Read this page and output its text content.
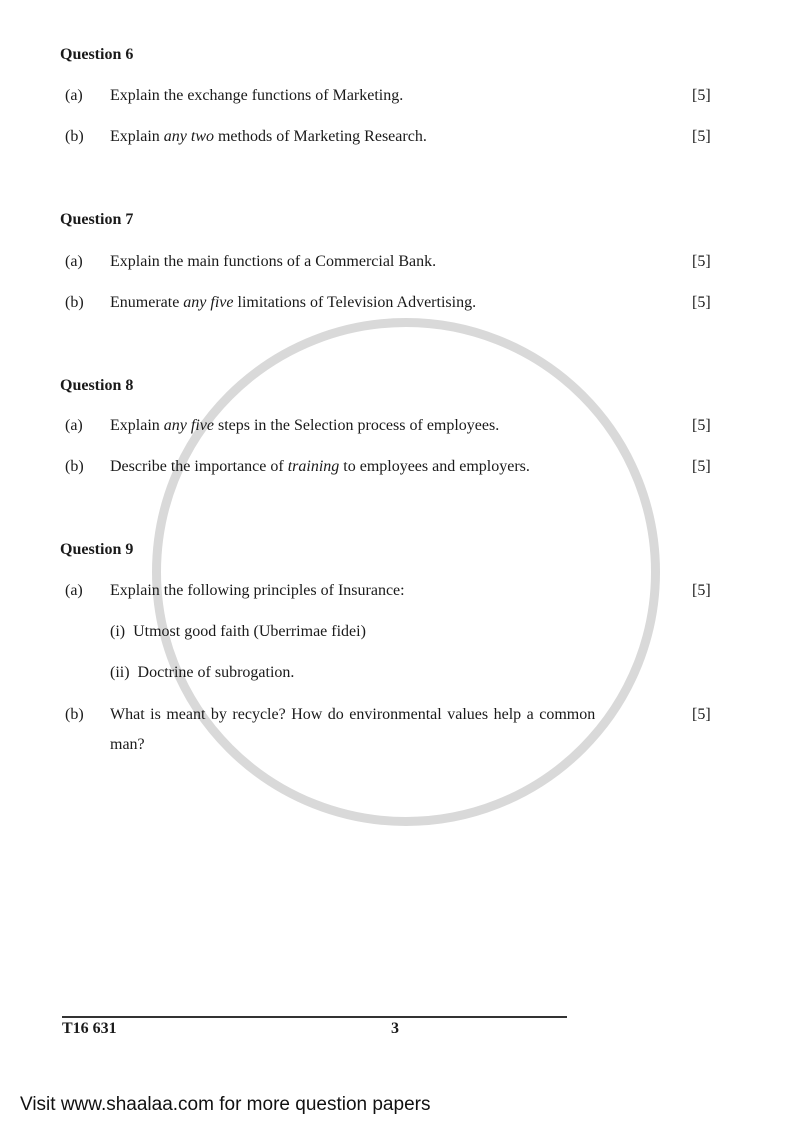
Question 6
(a) Explain the exchange functions of Marketing.	[5]
(b) Explain any two methods of Marketing Research.	[5]
Question 7
(a) Explain the main functions of a Commercial Bank.	[5]
(b) Enumerate any five limitations of Television Advertising.	[5]
Question 8
(a) Explain any five steps in the Selection process of employees.	[5]
(b) Describe the importance of training to employees and employers.	[5]
Question 9
(a) Explain the following principles of Insurance:	[5]
(i)  Utmost good faith (Uberrimae fidei)
(ii)  Doctrine of subrogation.
(b) What is meant by recycle? How do environmental values help a common
man?
[5]
T16 631	3
Visit www.shaalaa.com for more question papers
